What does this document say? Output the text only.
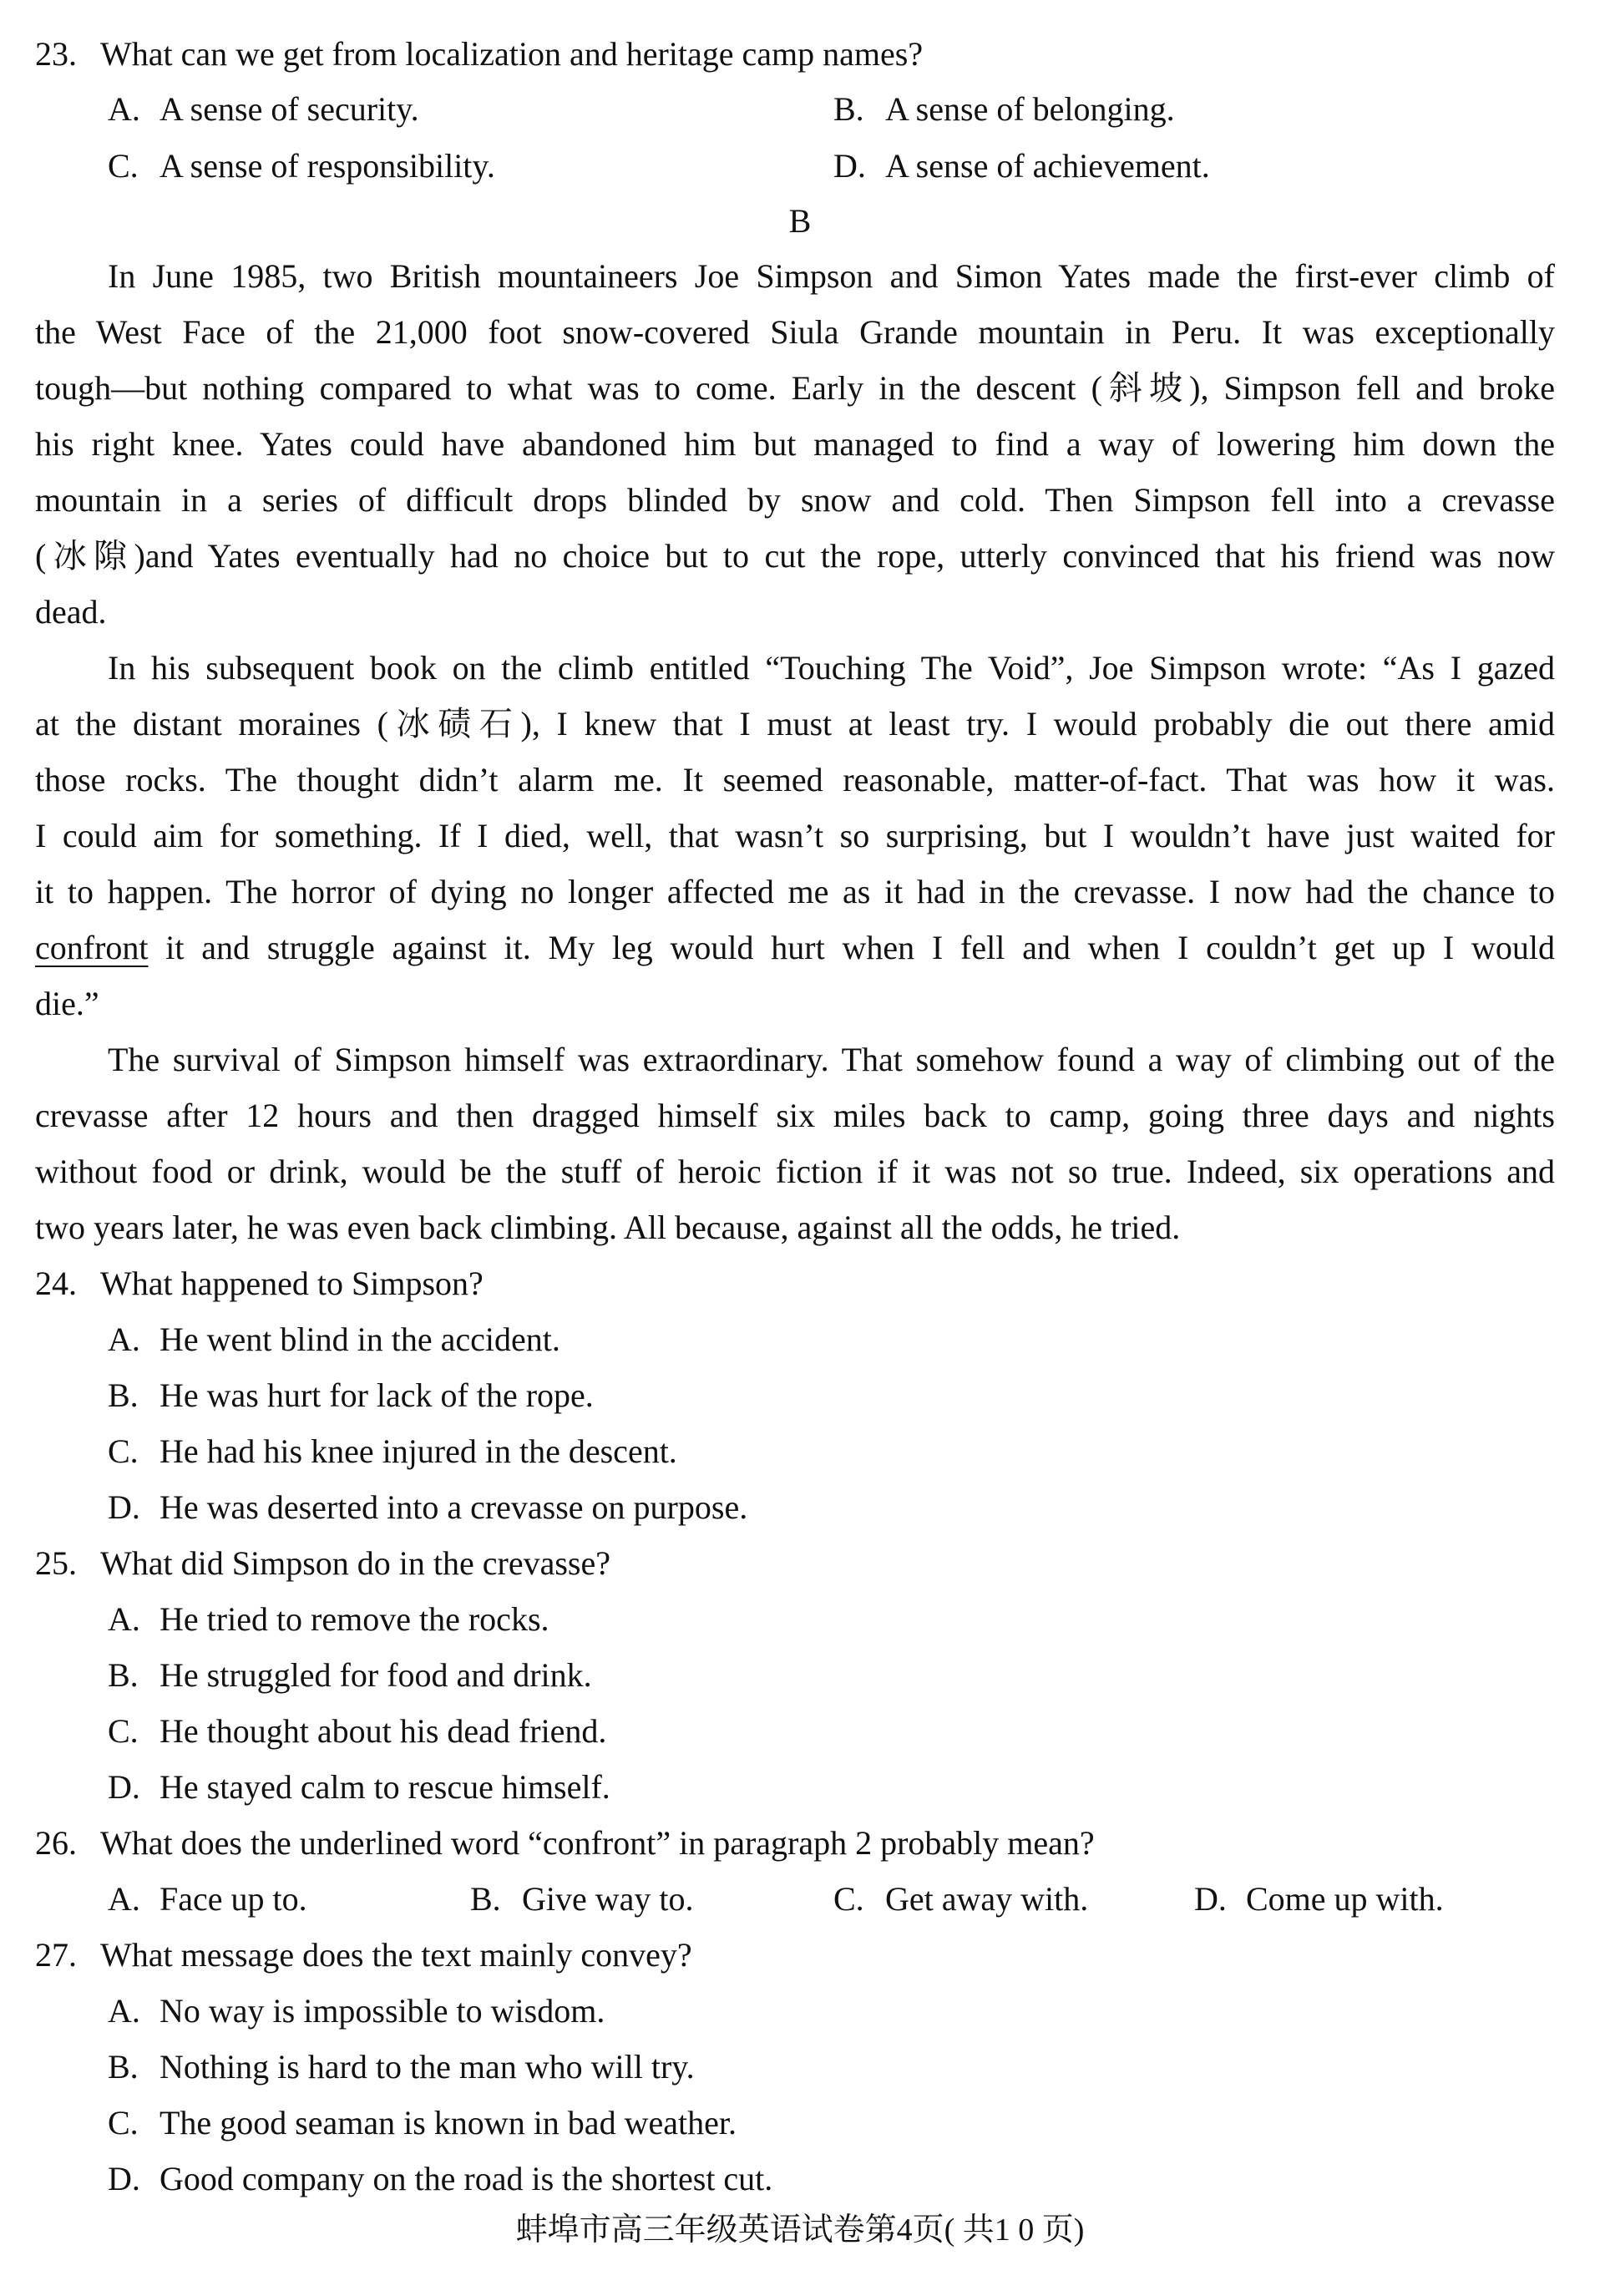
23. What can we get from localization and heritage camp names?
A. A sense of security.	B. A sense of belonging.
C. A sense of responsibility.	D. A sense of achievement.
B
In June 1985, two British mountaineers Joe Simpson and Simon Yates made the first-ever climb of
the West Face of the 21,000 foot snow-covered Siula Grande mountain in Peru. It was exceptionally
tough—but nothing compared to what was to come. Early in the descent (斜坡), Simpson fell and broke
his right knee. Yates could have abandoned him but managed to find a way of lowering him down the
mountain in a series of difficult drops blinded by snow and cold. Then Simpson fell into a crevasse
(冰隙)and Yates eventually had no choice but to cut the rope, utterly convinced that his friend was now
dead.
In his subsequent book on the climb entitled “Touching The Void”, Joe Simpson wrote: “As I gazed
at the distant moraines (冰碛石), I knew that I must at least try. I would probably die out there amid
those rocks. The thought didn’t alarm me. It seemed reasonable, matter-of-fact. That was how it was.
I could aim for something. If I died, well, that wasn’t so surprising, but I wouldn’t have just waited for
it to happen. The horror of dying no longer affected me as it had in the crevasse. I now had the chance to
confront it and struggle against it. My leg would hurt when I fell and when I couldn’t get up I would
die.”
The survival of Simpson himself was extraordinary. That somehow found a way of climbing out of the
crevasse after 12 hours and then dragged himself six miles back to camp, going three days and nights
without food or drink, would be the stuff of heroic fiction if it was not so true. Indeed, six operations and
two years later, he was even back climbing. All because, against all the odds, he tried.
24. What happened to Simpson?
A. He went blind in the accident.
B. He was hurt for lack of the rope.
C. He had his knee injured in the descent.
D. He was deserted into a crevasse on purpose.
25. What did Simpson do in the crevasse?
A. He tried to remove the rocks.
B. He struggled for food and drink.
C. He thought about his dead friend.
D. He stayed calm to rescue himself.
26. What does the underlined word “confront” in paragraph 2 probably mean?
A. Face up to.	B. Give way to.	C. Get away with.	D. Come up with.
27. What message does the text mainly convey?
A. No way is impossible to wisdom.
B. Nothing is hard to the man who will try.
C. The good seaman is known in bad weather.
D. Good company on the road is the shortest cut.
蚌埠市高三年级英语试卷第4页( 共1 0 页)
